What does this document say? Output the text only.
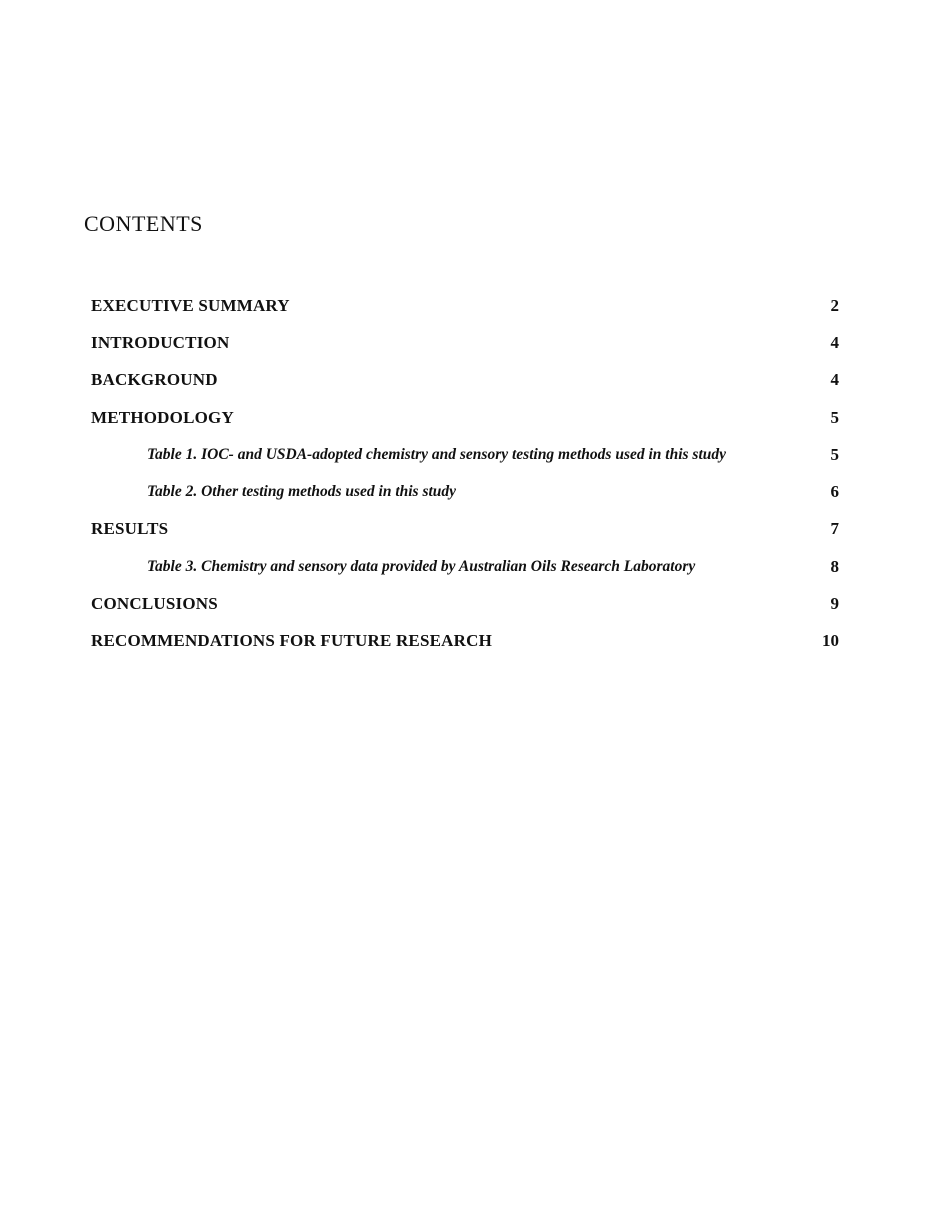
CONTENTS
EXECUTIVE SUMMARY	2
INTRODUCTION	4
BACKGROUND	4
METHODOLOGY	5
Table 1. IOC- and USDA-adopted chemistry and sensory testing methods used in this study	5
Table 2. Other testing methods used in this study	6
RESULTS	7
Table 3. Chemistry and sensory data provided by Australian Oils Research Laboratory	8
CONCLUSIONS	9
RECOMMENDATIONS FOR FUTURE RESEARCH	10
